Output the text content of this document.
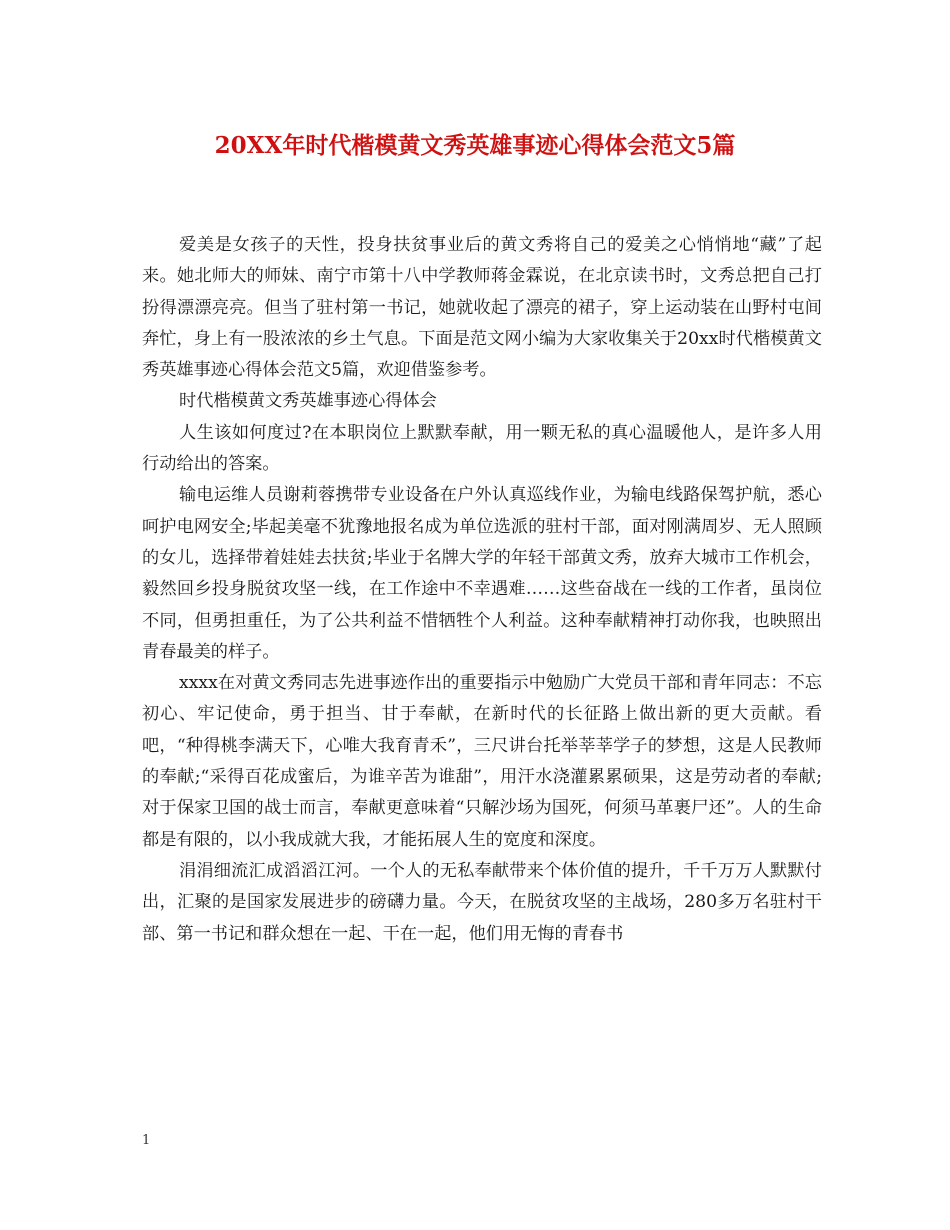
20XX年时代楷模黄文秀英雄事迹心得体会范文5篇

爱美是女孩子的天性，投身扶贫事业后的黄文秀将自己的爱美之心悄悄地“藏”了起来。她北师大的师妹、南宁市第十八中学教师蒋金霖说，在北京读书时，文秀总把自己打扮得漂漂亮亮。但当了驻村第一书记，她就收起了漂亮的裙子，穿上运动装在山野村屯间奔忙，身上有一股浓浓的乡土气息。下面是范文网小编为大家收集关于20xx时代楷模黄文秀英雄事迹心得体会范文5篇，欢迎借鉴参考。

时代楷模黄文秀英雄事迹心得体会

人生该如何度过?在本职岗位上默默奉献，用一颗无私的真心温暖他人，是许多人用行动给出的答案。

输电运维人员谢莉蓉携带专业设备在户外认真巡线作业，为输电线路保驾护航，悉心呵护电网安全;毕起美毫不犹豫地报名成为单位选派的驻村干部，面对刚满周岁、无人照顾的女儿，选择带着娃娃去扶贫;毕业于名牌大学的年轻干部黄文秀，放弃大城市工作机会，毅然回乡投身脱贫攻坚一线，在工作途中不幸遇难……这些奋战在一线的工作者，虽岗位不同，但勇担重任，为了公共利益不惜牺牲个人利益。这种奉献精神打动你我，也映照出青春最美的样子。

xxxx在对黄文秀同志先进事迹作出的重要指示中勉励广大党员干部和青年同志：不忘初心、牢记使命，勇于担当、甘于奉献，在新时代的长征路上做出新的更大贡献。看吧，“种得桃李满天下，心唯大我育青禾”，三尺讲台托举莘莘学子的梦想，这是人民教师的奉献;“采得百花成蜜后，为谁辛苦为谁甜”，用汗水浇灌累累硕果，这是劳动者的奉献;对于保家卫国的战士而言，奉献更意味着“只解沙场为国死，何须马革裹尸还”。人的生命都是有限的，以小我成就大我，才能拓展人生的宽度和深度。

涓涓细流汇成滔滔江河。一个人的无私奉献带来个体价值的提升，千千万万人默默付出，汇聚的是国家发展进步的磅礴力量。今天，在脱贫攻坚的主战场，280多万名驻村干部、第一书记和群众想在一起、干在一起，他们用无悔的青春书

1
